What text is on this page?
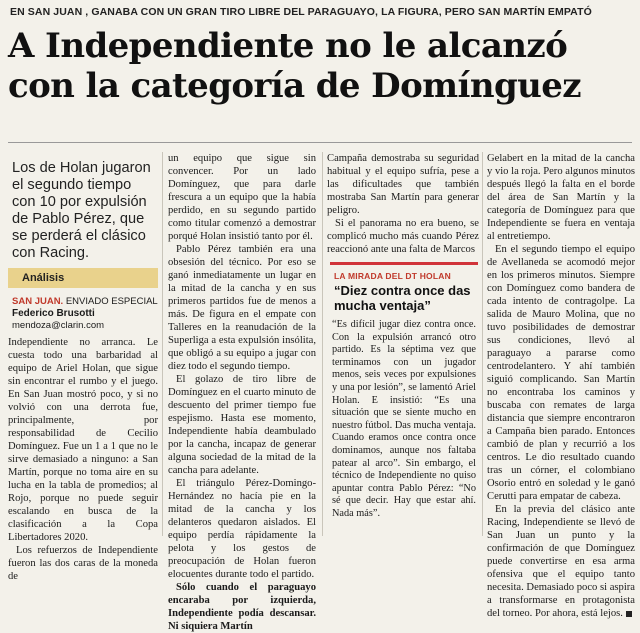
EN SAN JUAN , GANABA CON UN GRAN TIRO LIBRE DEL PARAGUAYO, LA FIGURA, PERO SAN MARTÍN EMPATÓ
A Independiente no le alcanzó
con la categoría de Domínguez
Los de Holan jugaron el segundo tiempo con 10 por expulsión de Pablo Pérez, que se perderá el clásico con Racing.
Análisis
SAN JUAN. ENVIADO ESPECIAL
Federico Brusotti
mendoza@clarin.com

Independiente no arranca. Le cuesta todo una barbaridad al equipo de Ariel Holan, que sigue sin encontrar el rumbo y el juego. En San Juan mostró poco, y si no volvió con una derrota fue, principalmente, por responsabilidad de Cecilio Domínguez. Fue un 1 a 1 que no le sirve demasiado a ninguno: a San Martín, porque no toma aire en su lucha en la tabla de promedios; al Rojo, porque no puede seguir escalando en busca de la clasificación a la Copa Libertadores 2020.

Los refuerzos de Independiente fueron las dos caras de la moneda de

un equipo que sigue sin convencer. Por un lado Domínguez, que para darle frescura a un equipo que la había perdido, en su segundo partido como titular comenzó a demostrar porqué Holan insistió tanto por él.

Pablo Pérez también era una obsesión del técnico. Por eso se ganó inmediatamente un lugar en la mitad de la cancha y en sus primeros partidos fue de menos a más. De figura en el empate con Talleres en la reanudación de la Superliga a esta expulsión insólita, que obligó a su equipo a jugar con diez todo el segundo tiempo.

El golazo de tiro libre de Domínguez en el cuarto minuto de descuento del primer tiempo fue espejismo. Hasta ese momento, Independiente había deambulado por la cancha, incapaz de generar alguna sociedad de la mitad de la cancha para adelante.

El triángulo Pérez-Domingo-Hernández no hacía pie en la mitad de la cancha y los delanteros quedaron aislados. El equipo perdía rápidamente la pelota y los gestos de preocupación de Holan fueron elocuentes durante todo el partido.

Sólo cuando el paraguayo encaraba por izquierda, Independiente podía descansar. Ni siquiera Martín

Campaña demostraba su seguridad habitual y el equipo sufría, pese a las dificultades que también mostraba San Martín para generar peligro.

Si el panorama no era bueno, se complicó mucho más cuando Pérez reaccionó ante una falta de Marcos

LA MIRADA DEL DT HOLAN
“Diez contra once das mucha ventaja”

“Es difícil jugar diez contra once. Con la expulsión arrancó otro partido. Es la séptima vez que terminamos con un jugador menos, seis veces por expulsiones y una por lesión”, se lamentó Ariel Holan. E insistió: “Es una situación que se siente mucho en nuestro fútbol. Das mucha ventaja. Cuando eramos once contra once dominamos, aunque nos faltaba patear al arco”. Sin embargo, el técnico de Independiente no quiso apuntar contra Pablo Pérez: “No sé que decir. Hay que estar ahí. Nada más”.

Gelabert en la mitad de la cancha y vio la roja. Pero algunos minutos después llegó la falta en el borde del área de San Martín y la categoría de Domínguez para que Independiente se fuera en ventaja al entretiempo.

En el segundo tiempo el equipo de Avellaneda se acomodó mejor en los primeros minutos. Siempre con Domínguez como bandera de cada intento de contragolpe. La salida de Mauro Molina, que no tuvo posibilidades de demostrar sus condiciones, llevó al paraguayo a pararse como centrodelantero. Y ahí también siguió complicando. San Martín no encontraba los caminos y buscaba con remates de larga distancia que siempre encontraron a Campaña bien parado. Entonces cambió de plan y recurrió a los centros. Le dio resultado cuando tras un córner, el colombiano Osorio entró en soledad y le ganó Cerutti para empatar de cabeza.

En la previa del clásico ante Racing, Independiente se llevó de San Juan un punto y la confirmación de que Domínguez puede convertirse en esa arma ofensiva que el equipo tanto necesita. Demasiado poco si aspira a transformarse en protagonista del torneo. Por ahora, está lejos.
